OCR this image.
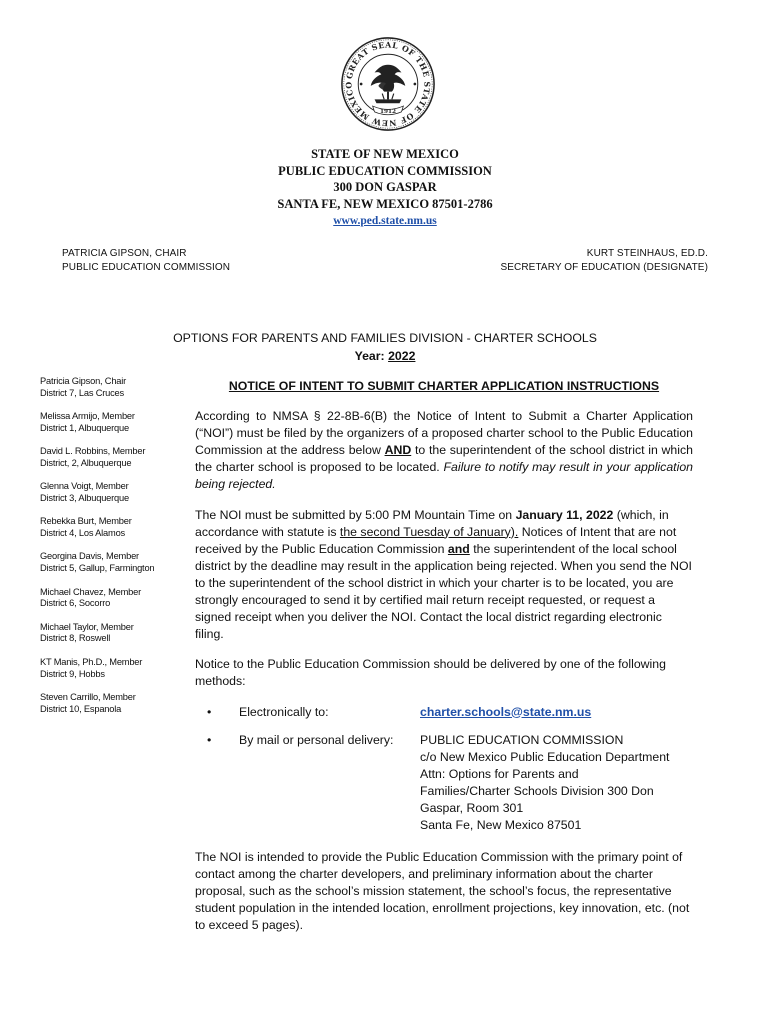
GREAT SEAL OF THE STATE OF NEW MEXICO
1912
STATE OF NEW MEXICO
PUBLIC EDUCATION COMMISSION
300 DON GASPAR
SANTA FE, NEW MEXICO 87501-2786
www.ped.state.nm.us
PATRICIA GIPSON, CHAIR
PUBLIC EDUCATION COMMISSION
KURT STEINHAUS, ED.D.
SECRETARY OF EDUCATION (DESIGNATE)
OPTIONS FOR PARENTS AND FAMILIES DIVISION - CHARTER SCHOOLS
Year: 2022
Patricia Gipson, Chair
District 7, Las Cruces
Melissa Armijo, Member
District 1, Albuquerque
David L. Robbins, Member
District, 2, Albuquerque
Glenna Voigt, Member
District 3, Albuquerque
Rebekka Burt, Member
District 4, Los Alamos
Georgina Davis, Member
District 5, Gallup, Farmington
Michael Chavez, Member
District 6, Socorro
Michael Taylor, Member
District 8, Roswell
KT Manis, Ph.D., Member
District 9, Hobbs
Steven Carrillo, Member
District 10, Espanola
NOTICE OF INTENT TO SUBMIT CHARTER APPLICATION INSTRUCTIONS

According to NMSA § 22-8B-6(B) the Notice of Intent to Submit a Charter Application (“NOI”) must be filed by the organizers of a proposed charter school to the Public Education Commission at the address below AND to the superintendent of the school district in which the charter school is proposed to be located. Failure to notify may result in your application being rejected.

The NOI must be submitted by 5:00 PM Mountain Time on January 11, 2022 (which, in accordance with statute is the second Tuesday of January). Notices of Intent that are not received by the Public Education Commission and the superintendent of the local school district by the deadline may result in the application being rejected. When you send the NOI to the superintendent of the school district in which your charter is to be located, you are strongly encouraged to send it by certified mail return receipt requested, or request a signed receipt when you deliver the NOI. Contact the local district regarding electronic filing.

Notice to the Public Education Commission should be delivered by one of the following methods:

• Electronically to:	charter.schools@state.nm.us
• By mail or personal delivery: PUBLIC EDUCATION COMMISSION
c/o New Mexico Public Education Department
Attn: Options for Parents and
Families/Charter Schools Division 300 Don
Gaspar, Room 301
Santa Fe, New Mexico 87501

The NOI is intended to provide the Public Education Commission with the primary point of contact among the charter developers, and preliminary information about the charter proposal, such as the school’s mission statement, the school’s focus, the representative student population in the intended location, enrollment projections, key innovation, etc. (not to exceed 5 pages).
